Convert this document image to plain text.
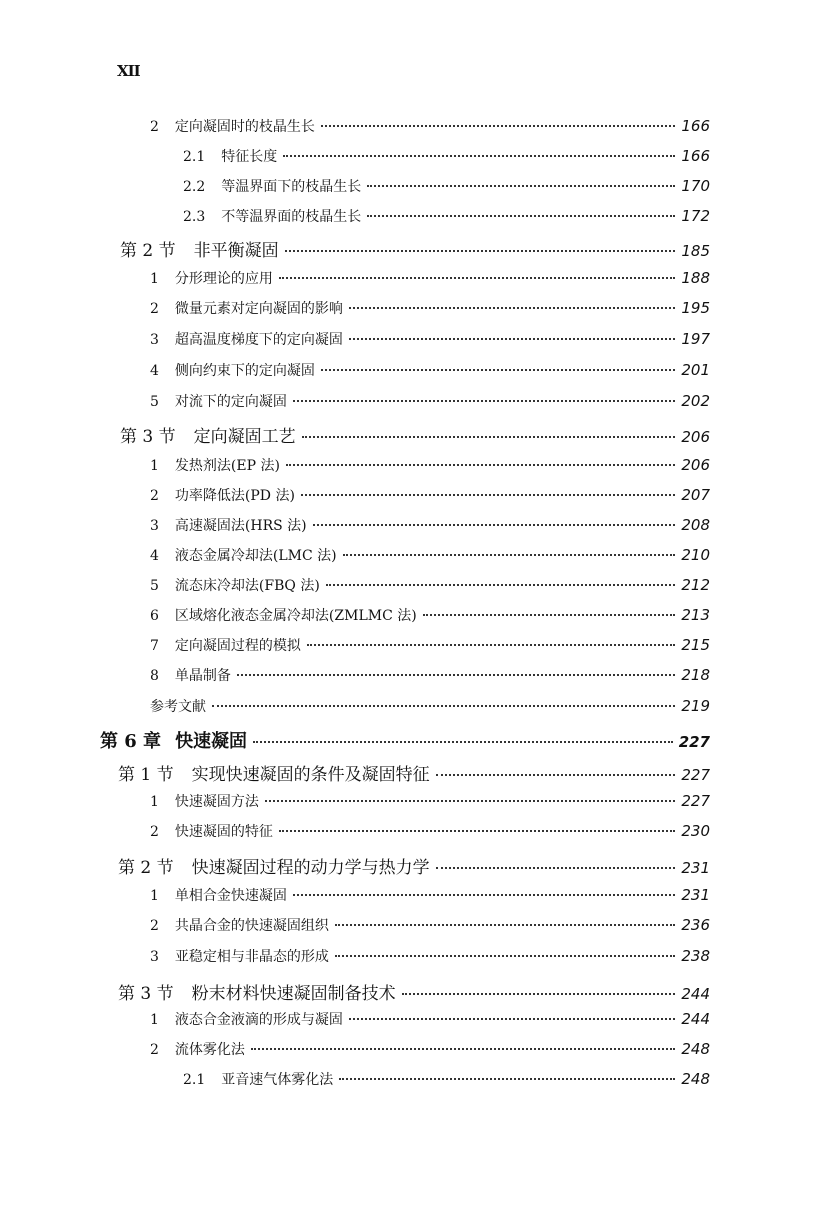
XII
2 定向凝固时的枝晶生长	166
2.1 特征长度	166
2.2 等温界面下的枝晶生长	170
2.3 不等温界面的枝晶生长	172
第 2 节 非平衡凝固	185
1 分形理论的应用	188
2 微量元素对定向凝固的影响	195
3 超高温度梯度下的定向凝固	197
4 侧向约束下的定向凝固	201
5 对流下的定向凝固	202
第 3 节 定向凝固工艺	206
1 发热剂法(EP 法)	206
2 功率降低法(PD 法)	207
3 高速凝固法(HRS 法)	208
4 液态金属冷却法(LMC 法)	210
5 流态床冷却法(FBQ 法)	212
6 区域熔化液态金属冷却法(ZMLMC 法)	213
7 定向凝固过程的模拟	215
8 单晶制备	218
参考文献	219
第 6 章 快速凝固	227
第 1 节 实现快速凝固的条件及凝固特征	227
1 快速凝固方法	227
2 快速凝固的特征	230
第 2 节 快速凝固过程的动力学与热力学	231
1 单相合金快速凝固	231
2 共晶合金的快速凝固组织	236
3 亚稳定相与非晶态的形成	238
第 3 节 粉末材料快速凝固制备技术	244
1 液态合金液滴的形成与凝固	244
2 流体雾化法	248
2.1 亚音速气体雾化法	248
